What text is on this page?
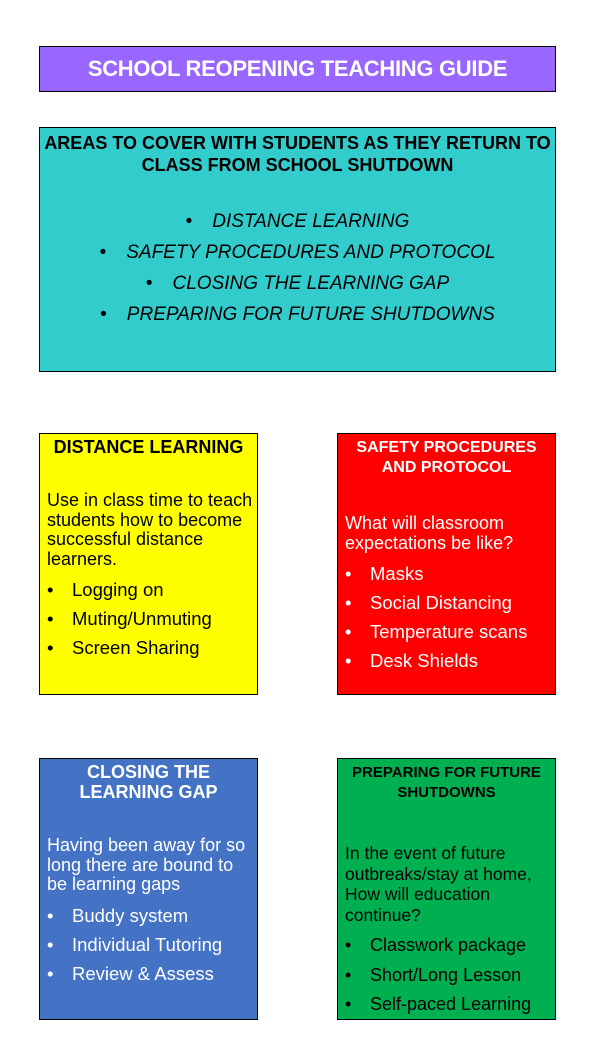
SCHOOL REOPENING TEACHING GUIDE
AREAS TO COVER WITH STUDENTS AS THEY RETURN TO CLASS FROM SCHOOL SHUTDOWN
• DISTANCE LEARNING
• SAFETY PROCEDURES AND PROTOCOL
• CLOSING THE LEARNING GAP
• PREPARING FOR FUTURE SHUTDOWNS
DISTANCE LEARNING
Use in class time to teach students how to become successful distance learners.
• Logging on
• Muting/Unmuting
• Screen Sharing
SAFETY PROCEDURES AND PROTOCOL
What will classroom expectations be like?
• Masks
• Social Distancing
• Temperature scans
• Desk Shields
CLOSING THE LEARNING GAP
Having been away for so long there are bound to be learning gaps
• Buddy system
• Individual Tutoring
• Review & Assess
PREPARING FOR FUTURE SHUTDOWNS
In the event of future outbreaks/stay at home, How will education continue?
• Classwork package
• Short/Long Lesson
• Self-paced Learning
